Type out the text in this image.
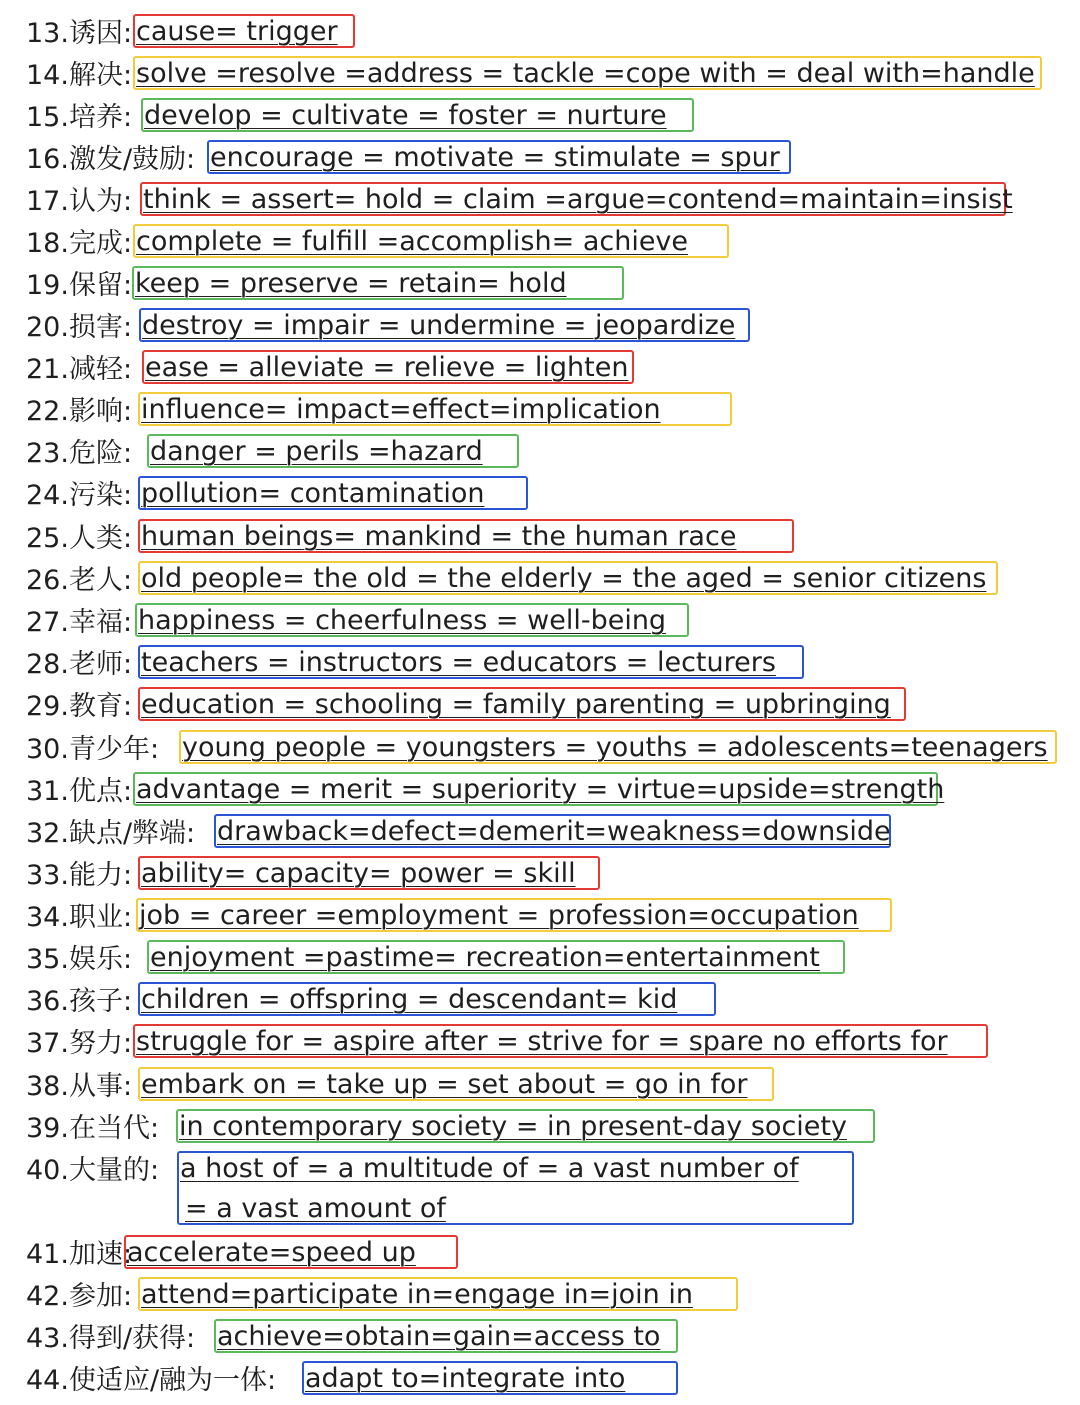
13.诱因: cause= trigger
14.解决: solve =resolve =address = tackle =cope with = deal with=handle
15.培养: develop = cultivate = foster = nurture
16.激发/鼓励: encourage = motivate = stimulate = spur
17.认为: think = assert= hold = claim =argue=contend=maintain=insist
18.完成: complete = fulfill =accomplish= achieve
19.保留: keep = preserve = retain= hold
20.损害: destroy = impair = undermine = jeopardize
21.减轻: ease = alleviate = relieve = lighten
22.影响: influence= impact=effect=implication
23.危险: danger = perils =hazard
24.污染: pollution= contamination
25.人类: human beings= mankind = the human race
26.老人: old people= the old = the elderly = the aged = senior citizens
27.幸福: happiness = cheerfulness = well-being
28.老师: teachers = instructors = educators = lecturers
29.教育: education = schooling = family parenting = upbringing
30.青少年: young people = youngsters = youths = adolescents=teenagers
31.优点: advantage = merit = superiority = virtue=upside=strength
32.缺点/弊端: drawback=defect=demerit=weakness=downside
33.能力: ability= capacity= power = skill
34.职业: job = career =employment = profession=occupation
35.娱乐: enjoyment =pastime= recreation=entertainment
36.孩子: children = offspring = descendant= kid
37.努力: struggle for = aspire after = strive for = spare no efforts for
38.从事: embark on = take up = set about = go in for
39.在当代: in contemporary society = in present-day society
40.大量的: a host of = a multitude of = a vast number of
= a vast amount of
41.加速:
accelerate=speed up
42.参加: attend=participate in=engage in=join in
43.得到/获得: achieve=obtain=gain=access to
44.使适应/融为一体: adapt to=integrate into
